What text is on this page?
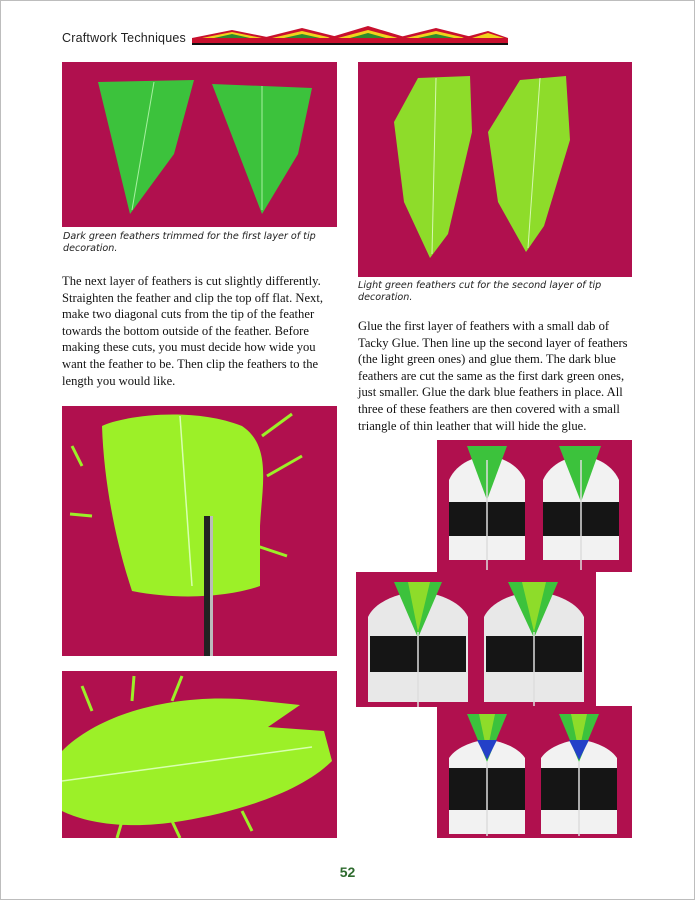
Craftwork Techniques
Dark green feathers trimmed for the first layer of tip decoration.
Light green feathers cut for the second layer of tip decoration.
The next layer of feathers is cut slightly differently. Straighten the feather and clip the top off flat. Next, make two diagonal cuts from the tip of the feather towards the bottom outside of the feather. Before making these cuts, you must decide how wide you want the feather to be. Then clip the feathers to the length you would like.
Glue the first layer of feathers with a small dab of Tacky Glue. Then line up the second layer of feathers (the light green ones) and glue them. The dark blue feathers are cut the same as the first dark green ones, just smaller. Glue the dark blue feathers in place. All three of these feathers are then covered with a small triangle of thin leather that will hide the glue.
52
